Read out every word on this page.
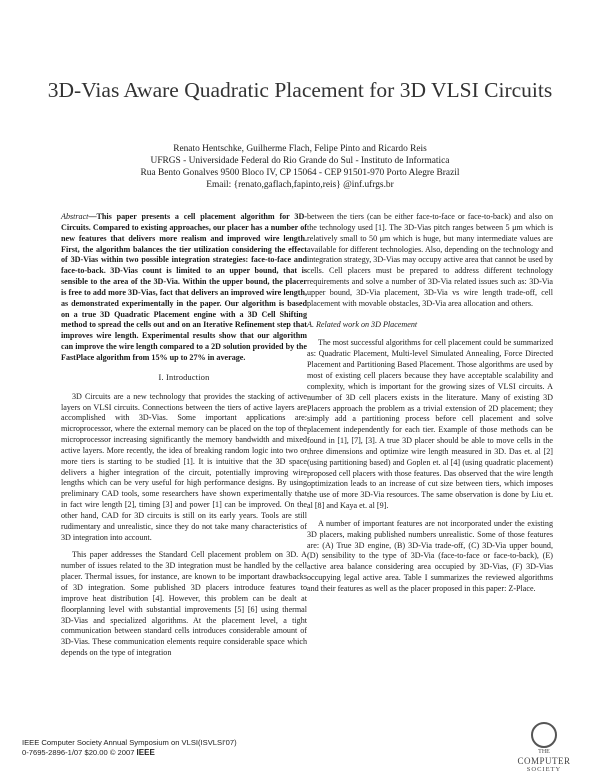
3D-Vias Aware Quadratic Placement for 3D VLSI Circuits
Renato Hentschke, Guilherme Flach, Felipe Pinto and Ricardo Reis
UFRGS - Universidade Federal do Rio Grande do Sul - Instituto de Informatica
Rua Bento Gonalves 9500 Bloco IV, CP 15064 - CEP 91501-970 Porto Alegre Brazil
Email: {renato,gaflach,fapinto,reis} @inf.ufrgs.br

Abstract—This paper presents a cell placement algorithm for 3D-Circuits. Compared to existing approaches, our placer has a number of new features that delivers more realism and improved wire length. First, the algorithm balances the tier utilization considering the effect of 3D-Vias within two possible integration strategies: face-to-face and face-to-back. 3D-Vias count is limited to an upper bound, that is sensible to the area of the 3D-Via. Within the upper bound, the placer is free to add more 3D-Vias, fact that delivers an improved wire length, as demonstrated experimentally in the paper. Our algorithm is based on a true 3D Quadratic Placement engine with a 3D Cell Shifting method to spread the cells out and on an Iterative Refinement step that improves wire length. Experimental results show that our algorithm can improve the wire length compared to a 2D solution provided by the FastPlace algorithm from 15% up to 27% in average.

I. Introduction

3D Circuits are a new technology that provides the stacking of active layers on VLSI circuits. Connections between the tiers of active layers are accomplished with 3D-Vias. Some important applications are: microprocessor, where the external memory can be placed on the top of the microprocessor increasing significantly the memory bandwidth and mixed active layers. More recently, the idea of breaking random logic into two or more tiers is starting to be studied [1]. It is intuitive that the 3D space delivers a higher integration of the circuit, potentially improving wire lengths which can be very useful for high performance designs. By using preliminary CAD tools, some researchers have shown experimentally that in fact wire length [2], timing [3] and power [1] can be improved. On the other hand, CAD for 3D circuits is still on its early years. Tools are still rudimentary and unrealistic, since they do not take many characteristics of 3D integration into account.

This paper addresses the Standard Cell placement problem on 3D. A number of issues related to the 3D integration must be handled by the cell placer. Thermal issues, for instance, are known to be important drawbacks of 3D integration. Some published 3D placers introduce features to improve heat distribution [4]. However, this problem can be dealt at floorplanning level with substantial improvements [5] [6] using thermal 3D-Vias and specialized algorithms. At the placement level, a tight communication between standard cells introduces considerable amount of 3D-Vias. These communication elements require considerable space which depends on the type of integration

between the tiers (can be either face-to-face or face-to-back) and also on the technology used [1]. The 3D-Vias pitch ranges between 5 μm which is relatively small to 50 μm which is huge, but many intermediate values are available for different technologies. Also, depending on the technology and integration strategy, 3D-Vias may occupy active area that cannot be used by cells. Cell placers must be prepared to address different technology requirements and solve a number of 3D-Via related issues such as: 3D-Via upper bound, 3D-Via placement, 3D-Via vs wire length trade-off, cell placement with movable obstacles, 3D-Via area allocation and others.

A. Related work on 3D Placement

The most successful algorithms for cell placement could be summarized as: Quadratic Placement, Multi-level Simulated Annealing, Force Directed Placement and Partitioning Based Placement. Those algorithms are used by most of existing cell placers because they have acceptable scalability and complexity, which is important for the growing sizes of VLSI circuits. A number of 3D cell placers exists in the literature. Many of existing 3D Placers approach the problem as a trivial extension of 2D placement; they simply add a partitioning process before cell placement and solve placement independently for each tier. Example of those methods can be found in [1], [7], [3]. A true 3D placer should be able to move cells in the three dimensions and optimize wire length measured in 3D. Das et. al [2] (using partitioning based) and Goplen et. al [4] (using quadratic placement) proposed cell placers with those features. Das observed that the wire length optimization leads to an increase of cut size between tiers, which imposes the use of more 3D-Via resources. The same observation is done by Liu et. al [8] and Kaya et. al [9].

A number of important features are not incorporated under the existing 3D placers, making published numbers unrealistic. Some of those features are: (A) True 3D engine, (B) 3D-Via trade-off, (C) 3D-Via upper bound, (D) sensibility to the type of 3D-Via (face-to-face or face-to-back), (E) active area balance considering area occupied by 3D-Vias, (F) 3D-Vias occupying legal active area. Table I summarizes the reviewed algorithms and their features as well as the placer proposed in this paper: Z-Place.

IEEE Computer Society Annual Symposium on VLSI(ISVLSI'07)
0-7695-2896-1/07 $20.00 © 2007 IEEE	THE
COMPUTER
SOCIETY
